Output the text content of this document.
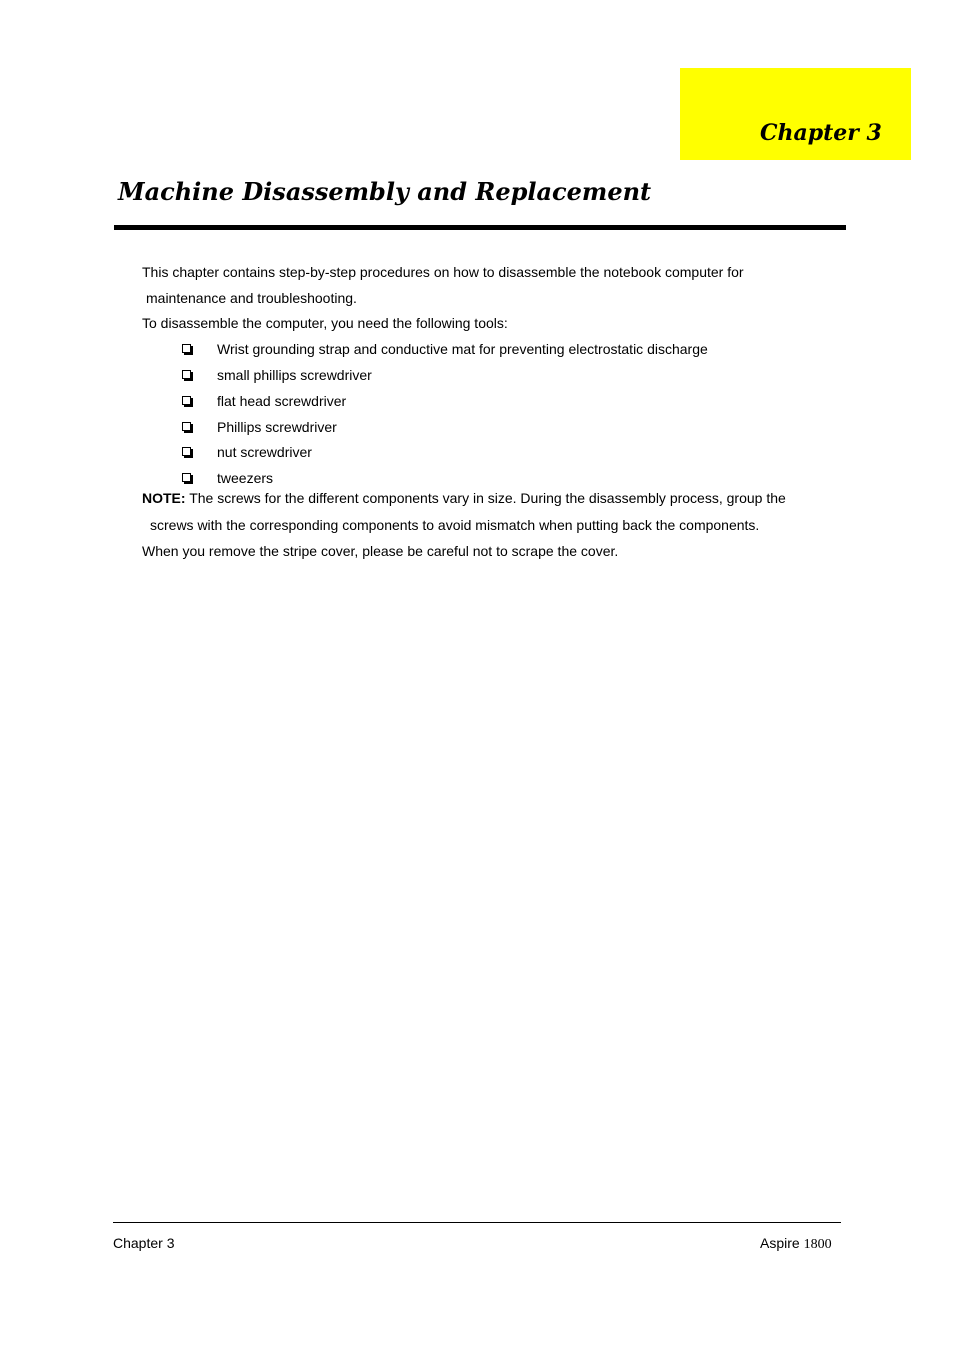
Chapter 3
Machine Disassembly and Replacement
This chapter contains step-by-step procedures on how to disassemble the notebook computer for
maintenance and troubleshooting.
To disassemble the computer, you need the following tools:
Wrist grounding strap and conductive mat for preventing electrostatic discharge
small phillips screwdriver
flat head screwdriver
Phillips screwdriver
nut screwdriver
tweezers
NOTE: The screws for the different components vary in size. During the disassembly process, group the
screws with the corresponding components to avoid mismatch when putting back the components.
When you remove the stripe cover, please be careful not to scrape the cover.
Chapter 3	Aspire 1800
